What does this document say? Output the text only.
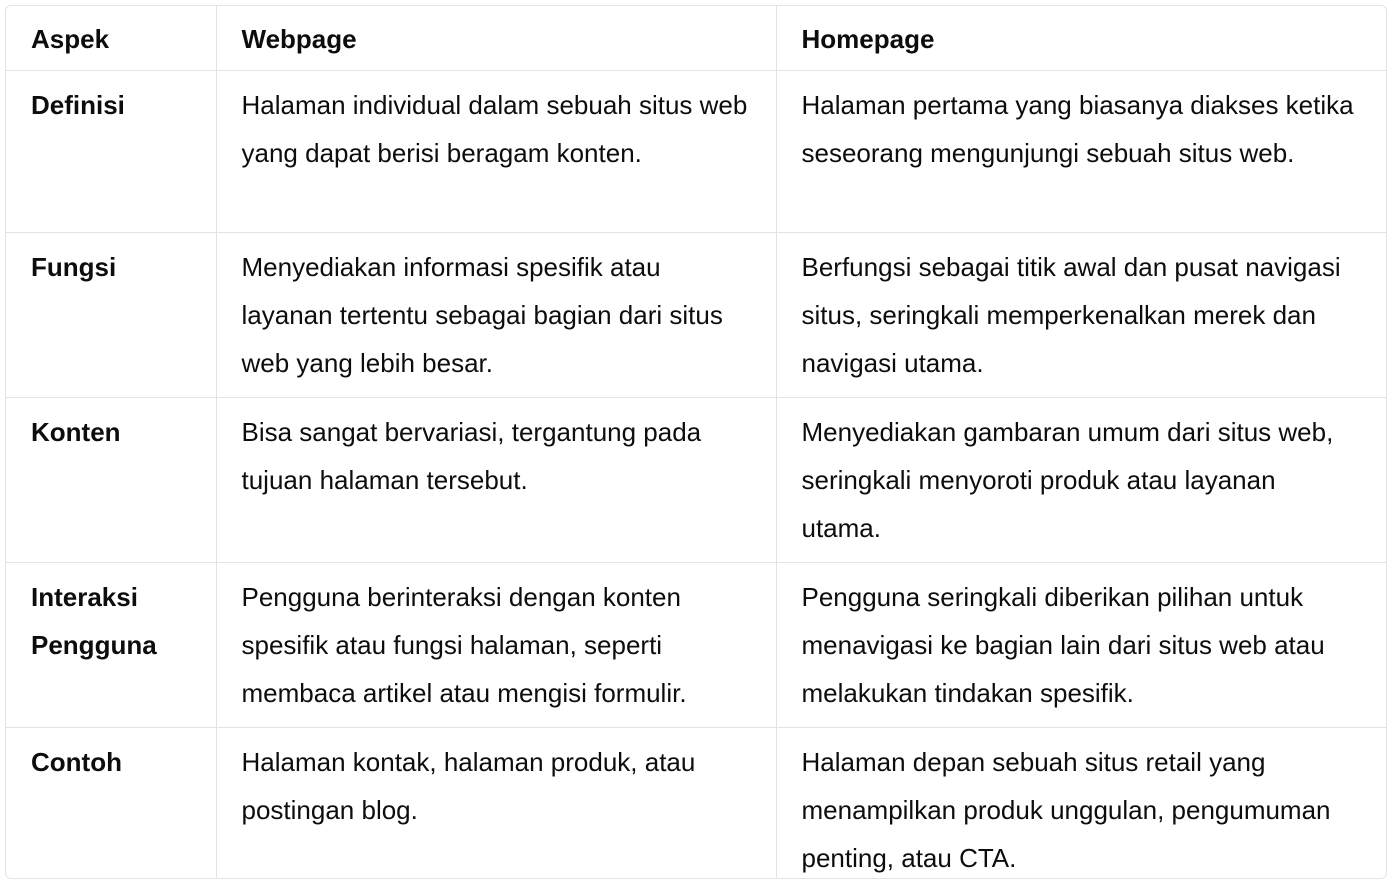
Aspek	Webpage	Homepage
Definisi	Halaman individual dalam sebuah situs web yang dapat berisi beragam konten.	Halaman pertama yang biasanya diakses ketika seseorang mengunjungi sebuah situs web.
Fungsi	Menyediakan informasi spesifik atau layanan tertentu sebagai bagian dari situs web yang lebih besar.	Berfungsi sebagai titik awal dan pusat navigasi situs, seringkali memperkenalkan merek dan navigasi utama.
Konten	Bisa sangat bervariasi, tergantung pada tujuan halaman tersebut.	Menyediakan gambaran umum dari situs web, seringkali menyoroti produk atau layanan utama.
Interaksi Pengguna	Pengguna berinteraksi dengan konten spesifik atau fungsi halaman, seperti membaca artikel atau mengisi formulir.	Pengguna seringkali diberikan pilihan untuk menavigasi ke bagian lain dari situs web atau melakukan tindakan spesifik.
Contoh	Halaman kontak, halaman produk, atau postingan blog.	Halaman depan sebuah situs retail yang menampilkan produk unggulan, pengumuman penting, atau CTA.
